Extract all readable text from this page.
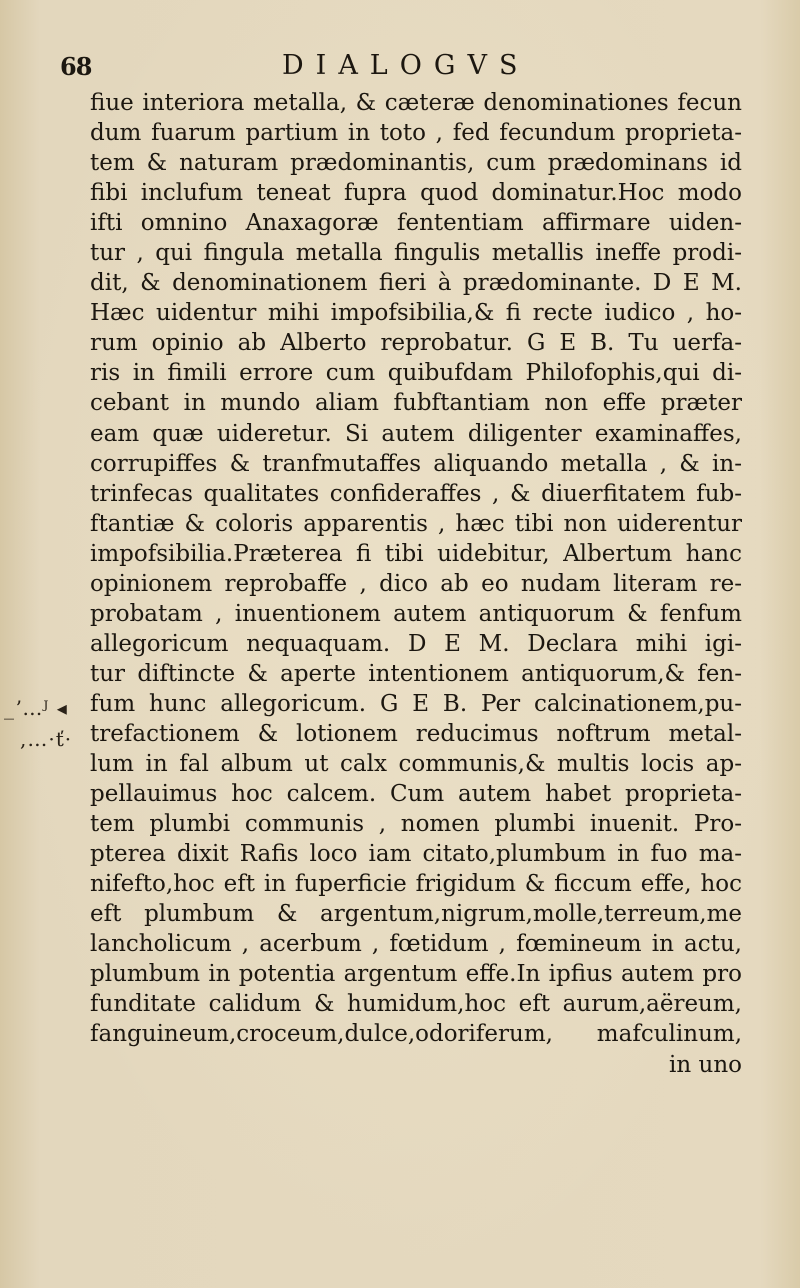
68	DIALOGVS
_ʼ…ᴶ ◂
,…·ť·
fiue interiora metalla, & cæteræ denominationes fecun
dum fuarum partium in toto , fed fecundum proprieta-
tem & naturam prædominantis, cum prædominans id
fibi inclufum teneat fupra quod dominatur.Hoc modo
ifti omnino Anaxagoræ fententiam affirmare uiden-
tur , qui fingula metalla fingulis metallis ineffe prodi-
dit, & denominationem fieri à prædominante. D E M.
Hæc uidentur mihi impofsibilia,& fi recte iudico , ho-
rum opinio ab Alberto reprobatur. G E B. Tu uerfa-
ris in fimili errore cum quibufdam Philofophis,qui di-
cebant in mundo aliam fubftantiam non effe præter
eam quæ uideretur. Si autem diligenter examinaffes,
corrupiffes & tranfmutaffes aliquando metalla , & in-
trinfecas qualitates confideraffes , & diuerfitatem fub-
ftantiæ & coloris apparentis , hæc tibi non uiderentur
impofsibilia.Præterea fi tibi uidebitur, Albertum hanc
opinionem reprobaffe , dico ab eo nudam literam re-
probatam , inuentionem autem antiquorum & fenfum
allegoricum nequaquam. D E M. Declara mihi igi-
tur diftincte & aperte intentionem antiquorum,& fen-
fum hunc allegoricum. G E B. Per calcinationem,pu-
trefactionem & lotionem reducimus noftrum metal-
lum in fal album ut calx communis,& multis locis ap-
pellauimus hoc calcem. Cum autem habet proprieta-
tem plumbi communis , nomen plumbi inuenit. Pro-
pterea dixit Rafis loco iam citato,plumbum in fuo ma-
nifefto,hoc eft in fuperficie frigidum & ficcum effe, hoc
eft plumbum & argentum,nigrum,molle,terreum,me
lancholicum , acerbum , fœtidum , fœmineum in actu,
plumbum in potentia argentum effe.In ipfius autem pro
funditate calidum & humidum,hoc eft aurum,aëreum,
fanguineum,croceum,dulce,odoriferum, mafculinum,
in uno
